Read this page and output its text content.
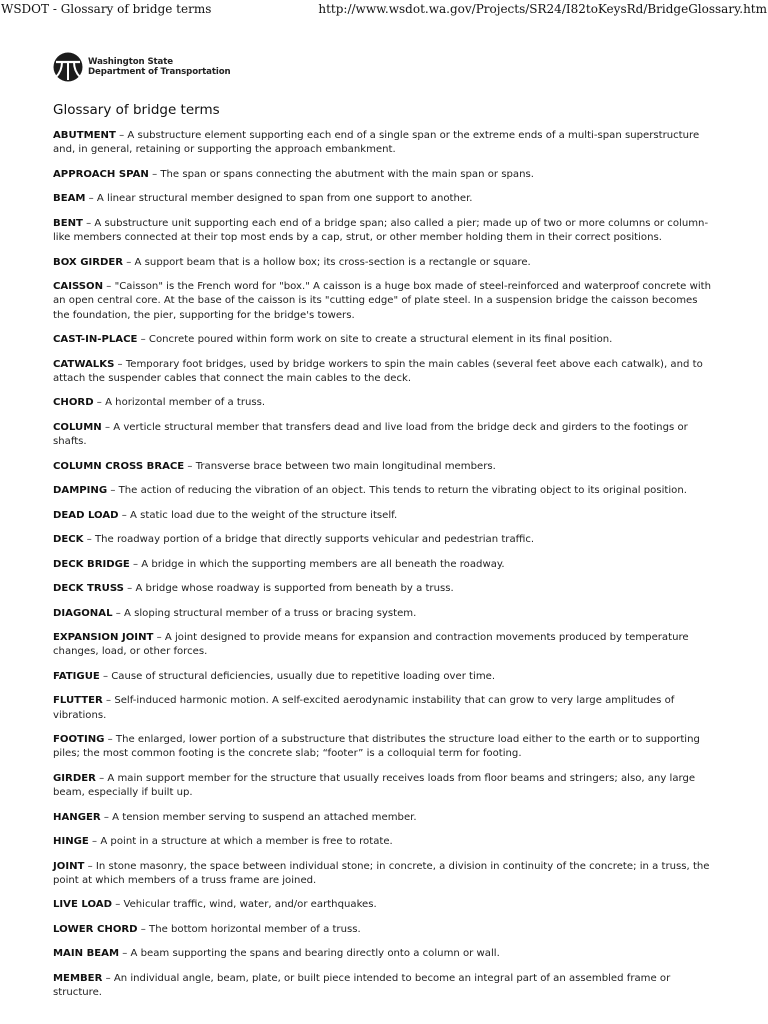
WSDOT - Glossary of bridge terms	http://www.wsdot.wa.gov/Projects/SR24/I82toKeysRd/BridgeGlossary.htm
Washington State
Department of Transportation
Glossary of bridge terms
ABUTMENT – A substructure element supporting each end of a single span or the extreme ends of a multi-span superstructure and, in general, retaining or supporting the approach embankment.
APPROACH SPAN – The span or spans connecting the abutment with the main span or spans.
BEAM – A linear structural member designed to span from one support to another.
BENT – A substructure unit supporting each end of a bridge span; also called a pier; made up of two or more columns or column-like members connected at their top most ends by a cap, strut, or other member holding them in their correct positions.
BOX GIRDER – A support beam that is a hollow box; its cross-section is a rectangle or square.
CAISSON – "Caisson" is the French word for "box." A caisson is a huge box made of steel-reinforced and waterproof concrete with an open central core. At the base of the caisson is its "cutting edge" of plate steel. In a suspension bridge the caisson becomes the foundation, the pier, supporting for the bridge's towers.
CAST-IN-PLACE – Concrete poured within form work on site to create a structural element in its final position.
CATWALKS – Temporary foot bridges, used by bridge workers to spin the main cables (several feet above each catwalk), and to attach the suspender cables that connect the main cables to the deck.
CHORD – A horizontal member of a truss.
COLUMN – A verticle structural member that transfers dead and live load from the bridge deck and girders to the footings or shafts.
COLUMN CROSS BRACE – Transverse brace between two main longitudinal members.
DAMPING – The action of reducing the vibration of an object. This tends to return the vibrating object to its original position.
DEAD LOAD – A static load due to the weight of the structure itself.
DECK – The roadway portion of a bridge that directly supports vehicular and pedestrian traffic.
DECK BRIDGE – A bridge in which the supporting members are all beneath the roadway.
DECK TRUSS – A bridge whose roadway is supported from beneath by a truss.
DIAGONAL – A sloping structural member of a truss or bracing system.
EXPANSION JOINT – A joint designed to provide means for expansion and contraction movements produced by temperature changes, load, or other forces.
FATIGUE – Cause of structural deficiencies, usually due to repetitive loading over time.
FLUTTER – Self-induced harmonic motion. A self-excited aerodynamic instability that can grow to very large amplitudes of vibrations.
FOOTING – The enlarged, lower portion of a substructure that distributes the structure load either to the earth or to supporting piles; the most common footing is the concrete slab; “footer” is a colloquial term for footing.
GIRDER – A main support member for the structure that usually receives loads from floor beams and stringers; also, any large beam, especially if built up.
HANGER – A tension member serving to suspend an attached member.
HINGE – A point in a structure at which a member is free to rotate.
JOINT – In stone masonry, the space between individual stone; in concrete, a division in continuity of the concrete; in a truss, the point at which members of a truss frame are joined.
LIVE LOAD – Vehicular traffic, wind, water, and/or earthquakes.
LOWER CHORD – The bottom horizontal member of a truss.
MAIN BEAM – A beam supporting the spans and bearing directly onto a column or wall.
MEMBER – An individual angle, beam, plate, or built piece intended to become an integral part of an assembled frame or structure.
